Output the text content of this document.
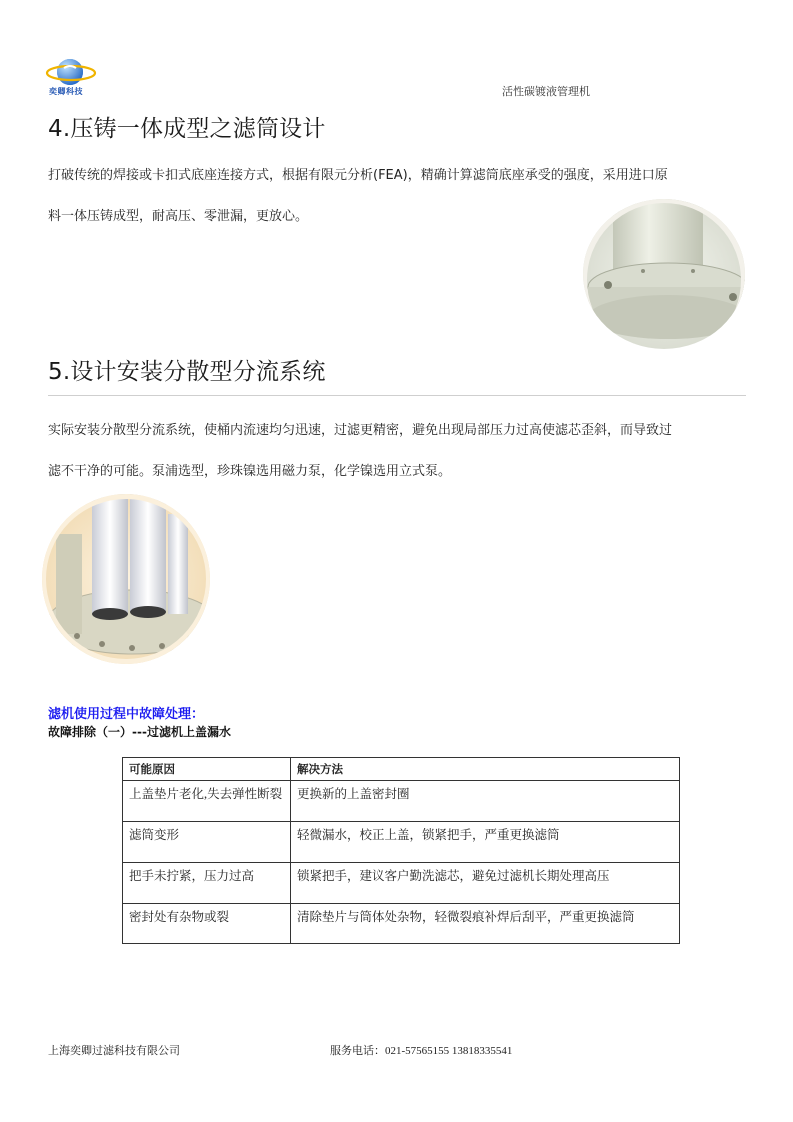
奕卿科技	活性碳镀液管理机
4.压铸一体成型之滤筒设计

打破传统的焊接或卡扣式底座连接方式，根据有限元分析(FEA)，精确计算滤筒底座承受的强度，采用进口原

料一体压铸成型，耐高压、零泄漏，更放心。

5.设计安装分散型分流系统

实际安装分散型分流系统，使桶内流速均匀迅速，过滤更精密，避免出现局部压力过高使滤芯歪斜，而导致过

滤不干净的可能。泵浦选型，珍珠镍选用磁力泵，化学镍选用立式泵。

滤机使用过程中故障处理：
故障排除（一）---过滤机上盖漏水
可能原因	解决方法
上盖垫片老化,失去弹性断裂	更换新的上盖密封圈
滤筒变形	轻微漏水，校正上盖，锁紧把手，严重更换滤筒
把手未拧紧，压力过高	锁紧把手，建议客户勤洗滤芯，避免过滤机长期处理高压
密封处有杂物或裂	清除垫片与筒体处杂物，轻微裂痕补焊后刮平，严重更换滤筒
上海奕卿过滤科技有限公司	服务电话：021-57565155 13818335541
